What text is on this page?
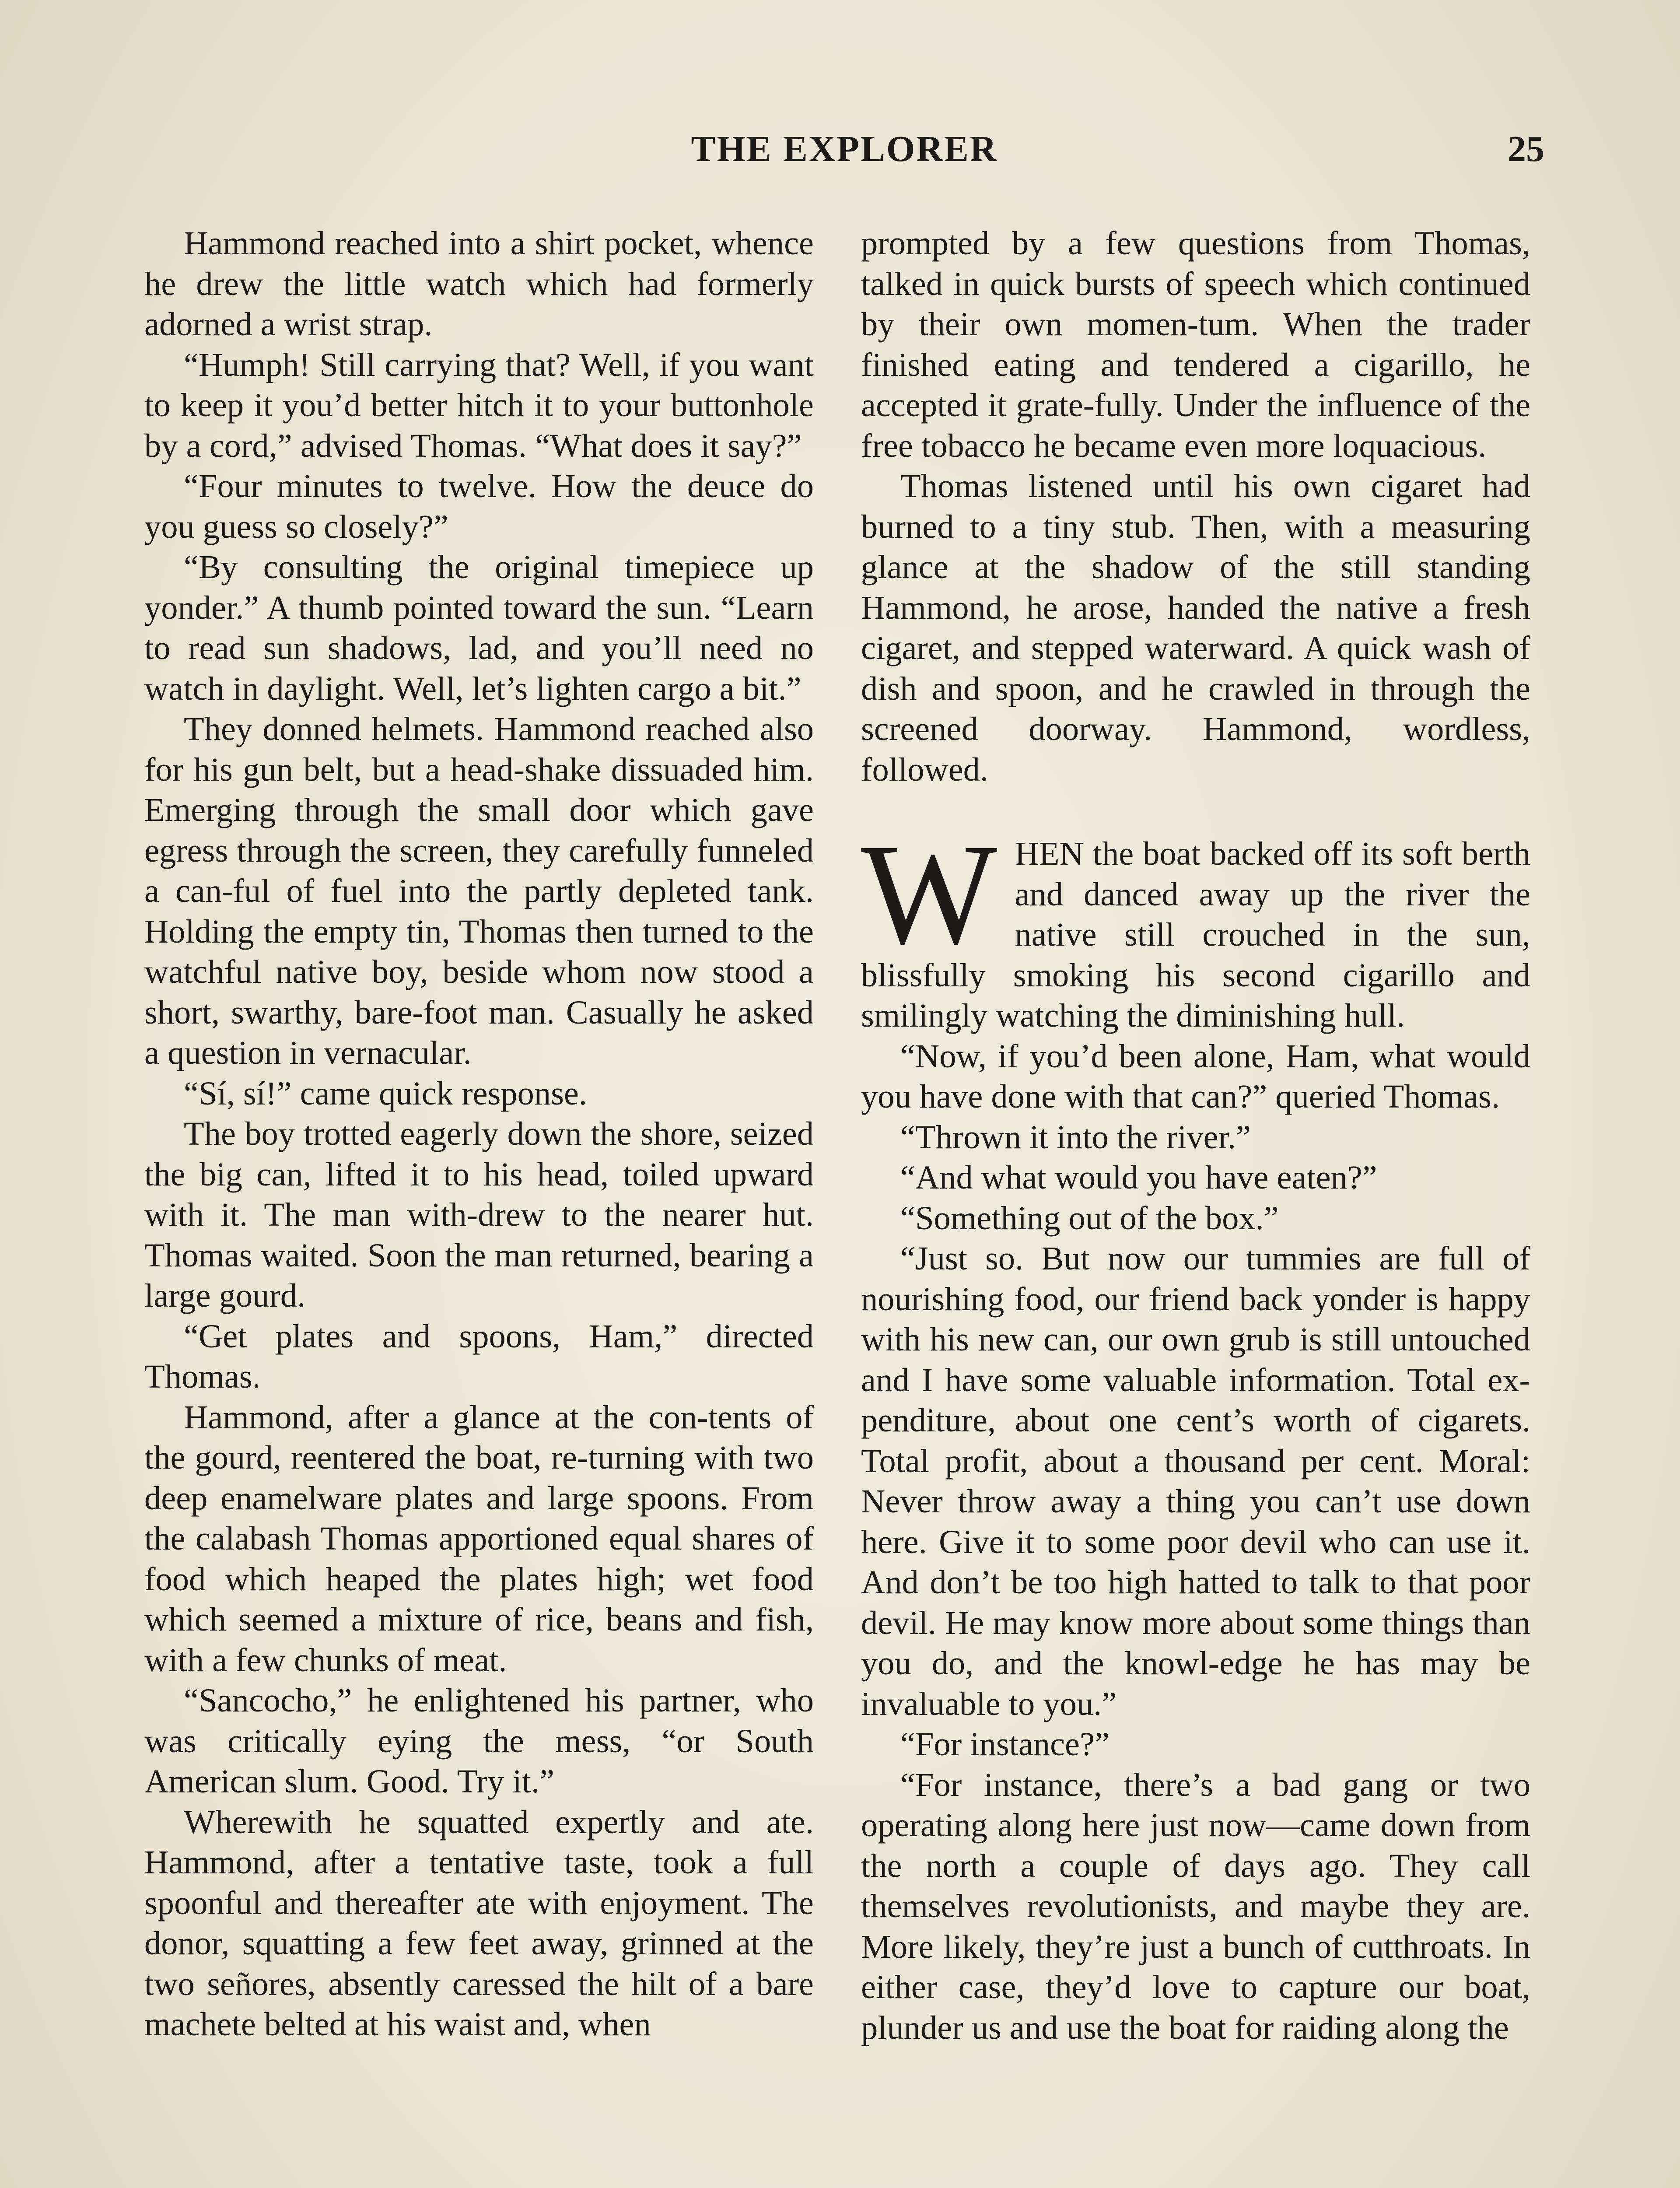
THE EXPLORER	25

Hammond reached into a shirt pocket, whence he drew the little watch which had formerly adorned a wrist strap.

“Humph! Still carrying that? Well, if you want to keep it you’d better hitch it to your buttonhole by a cord,” advised Thomas. “What does it say?”

“Four minutes to twelve. How the deuce do you guess so closely?”

“By consulting the original timepiece up yonder.” A thumb pointed toward the sun. “Learn to read sun shadows, lad, and you’ll need no watch in daylight. Well, let’s lighten cargo a bit.”

They donned helmets. Hammond reached also for his gun belt, but a head-shake dissuaded him. Emerging through the small door which gave egress through the screen, they carefully funneled a can-ful of fuel into the partly depleted tank. Holding the empty tin, Thomas then turned to the watchful native boy, beside whom now stood a short, swarthy, bare-foot man. Casually he asked a question in vernacular.

“Sí, sí!” came quick response.

The boy trotted eagerly down the shore, seized the big can, lifted it to his head, toiled upward with it. The man with-drew to the nearer hut. Thomas waited. Soon the man returned, bearing a large gourd.

“Get plates and spoons, Ham,” directed Thomas.

Hammond, after a glance at the con-tents of the gourd, reentered the boat, re-turning with two deep enamelware plates and large spoons. From the calabash Thomas apportioned equal shares of food which heaped the plates high; wet food which seemed a mixture of rice, beans and fish, with a few chunks of meat.

“Sancocho,” he enlightened his partner, who was critically eying the mess, “or South American slum. Good. Try it.”

Wherewith he squatted expertly and ate. Hammond, after a tentative taste, took a full spoonful and thereafter ate with enjoyment. The donor, squatting a few feet away, grinned at the two señores, absently caressed the hilt of a bare machete belted at his waist and, when

prompted by a few questions from Thomas, talked in quick bursts of speech which continued by their own momen-tum. When the trader finished eating and tendered a cigarillo, he accepted it grate-fully. Under the influence of the free tobacco he became even more loquacious.

Thomas listened until his own cigaret had burned to a tiny stub. Then, with a measuring glance at the shadow of the still standing Hammond, he arose, handed the native a fresh cigaret, and stepped waterward. A quick wash of dish and spoon, and he crawled in through the screened doorway. Hammond, wordless, followed.

WHEN the boat backed off its soft berth and danced away up the river the native still crouched in the sun, blissfully smoking his second cigarillo and smilingly watching the diminishing hull.

“Now, if you’d been alone, Ham, what would you have done with that can?” queried Thomas.

“Thrown it into the river.”

“And what would you have eaten?”

“Something out of the box.”

“Just so. But now our tummies are full of nourishing food, our friend back yonder is happy with his new can, our own grub is still untouched and I have some valuable information. Total ex-penditure, about one cent’s worth of cigarets. Total profit, about a thousand per cent. Moral: Never throw away a thing you can’t use down here. Give it to some poor devil who can use it. And don’t be too high hatted to talk to that poor devil. He may know more about some things than you do, and the knowl-edge he has may be invaluable to you.”

“For instance?”

“For instance, there’s a bad gang or two operating along here just now—came down from the north a couple of days ago. They call themselves revolutionists, and maybe they are. More likely, they’re just a bunch of cutthroats. In either case, they’d love to capture our boat, plunder us and use the boat for raiding along the
